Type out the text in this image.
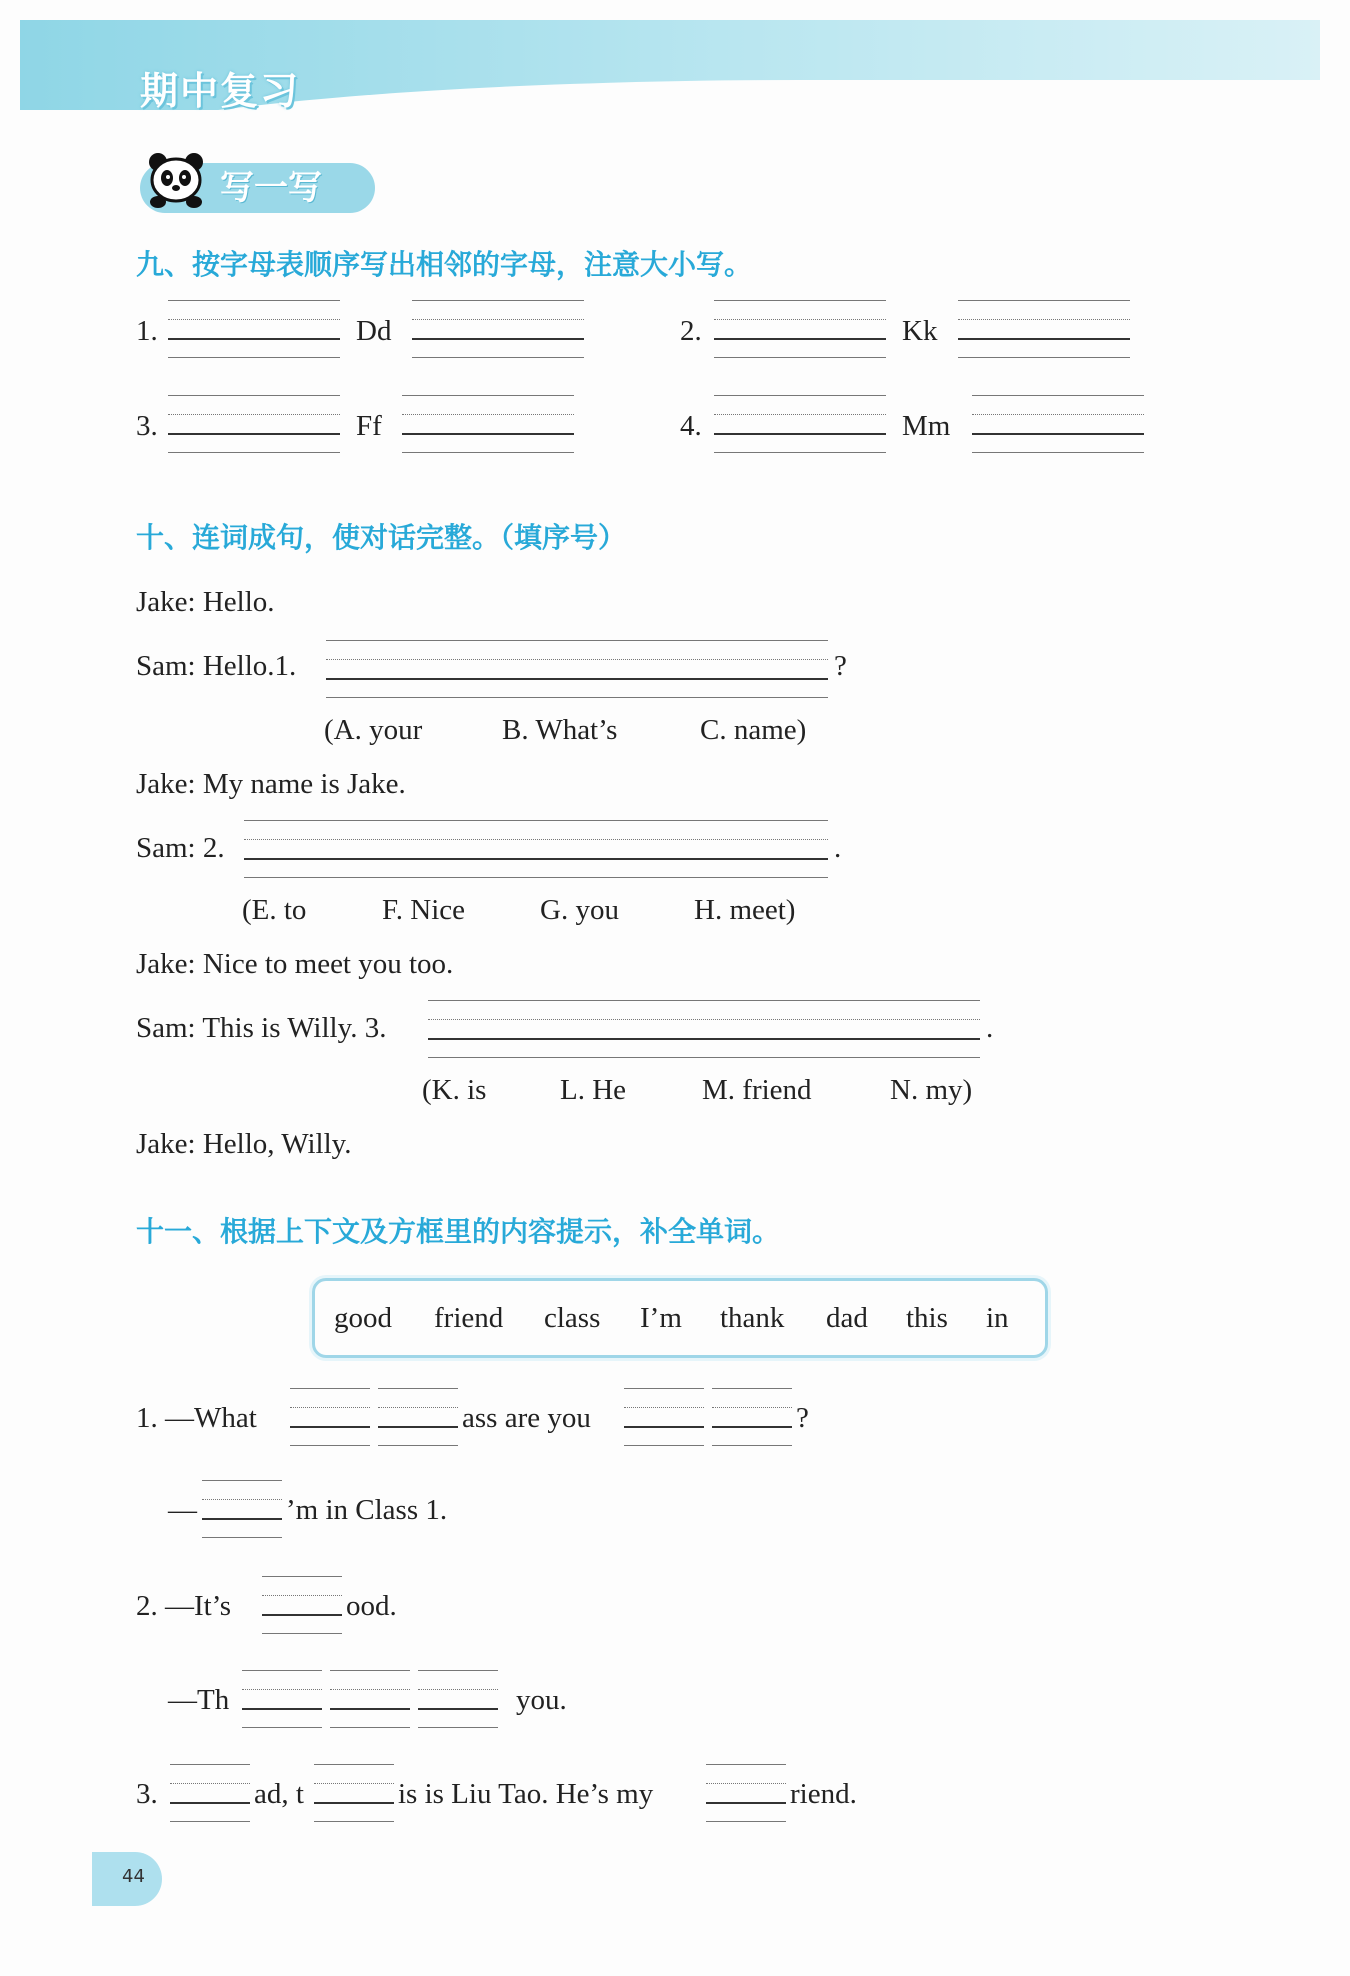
期中复习
写一写
九、按字母表顺序写出相邻的字母，注意大小写。
1.	Dd	2.	Kk
3.	Ff	4.	Mm
十、连词成句，使对话完整。（填序号）
Jake: Hello.
Sam: Hello.1.	?
(A. your	B. What’s	C. name)
Jake: My name is Jake.
Sam: 2.	.
(E. to	F. Nice	G. you	H. meet)
Jake: Nice to meet you too.
Sam: This is Willy. 3.	.
(K. is	L. He	M. friend	N. my)
Jake: Hello, Willy.
十一、根据上下文及方框里的内容提示，补全单词。
good friend class I’m thank dad this in
1. —What	ass are you	?
—	’m in Class 1.
2. —It’s	ood.
—Th	you.
3.	ad, t	is is Liu Tao. He’s my	riend.
44
